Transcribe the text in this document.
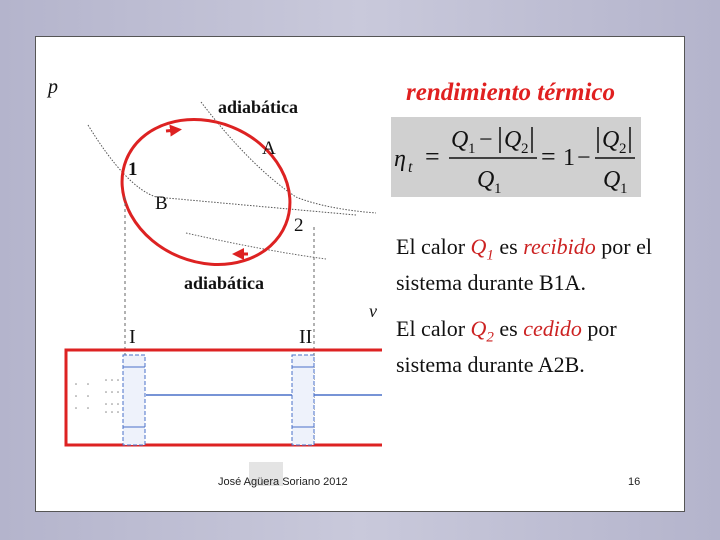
p
v
adiabática
adiabática
A
B
1
2
I	II
rendimiento térmico
η t =
Q 1 − Q 2
Q 1
= 1 −
Q 2
Q 1
El calor $Q_1$ es recibido por el sistema durante B1A.
El calor $Q_2$ es cedido por sistema durante A2B.
José Agüera Soriano 2012	16
